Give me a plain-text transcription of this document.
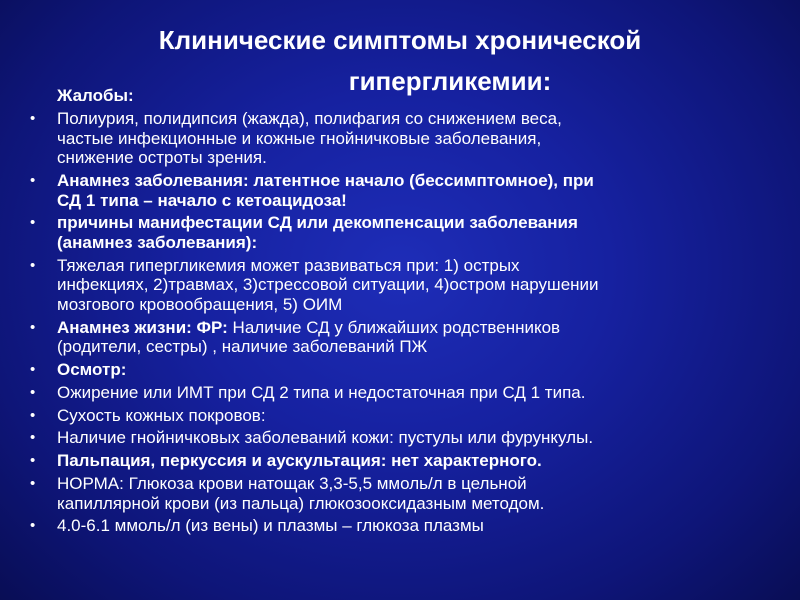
Клинические симптомы хронической
гипергликемии:
Жалобы:
• Полиурия, полидипсия (жажда), полифагия со снижением веса,
частые инфекционные и кожные гнойничковые заболевания,
снижение остроты зрения.
• Анамнез заболевания: латентное начало (бессимптомное), при
СД 1 типа – начало с кетоацидоза!
• причины манифестации СД или декомпенсации заболевания
(анамнез заболевания):
• Тяжелая гипергликемия может развиваться при: 1) острых
инфекциях, 2)травмах, 3)стрессовой ситуации, 4)остром нарушении
мозгового кровообращения, 5) ОИМ
• Анамнез жизни: ФР: Наличие СД у ближайших родственников
(родители, сестры) , наличие заболеваний ПЖ
• Осмотр:
• Ожирение или ИМТ при СД 2 типа и недостаточная при СД 1 типа.
• Сухость кожных покровов:
• Наличие гнойничковых заболеваний кожи: пустулы или фурункулы.
• Пальпация, перкуссия и аускультация: нет характерного.
• НОРМА: Глюкоза крови натощак 3,3-5,5 ммоль/л в цельной
капиллярной крови (из пальца) глюкозооксидазным методом.
• 4.0-6.1 ммоль/л (из вены) и плазмы – глюкоза плазмы
